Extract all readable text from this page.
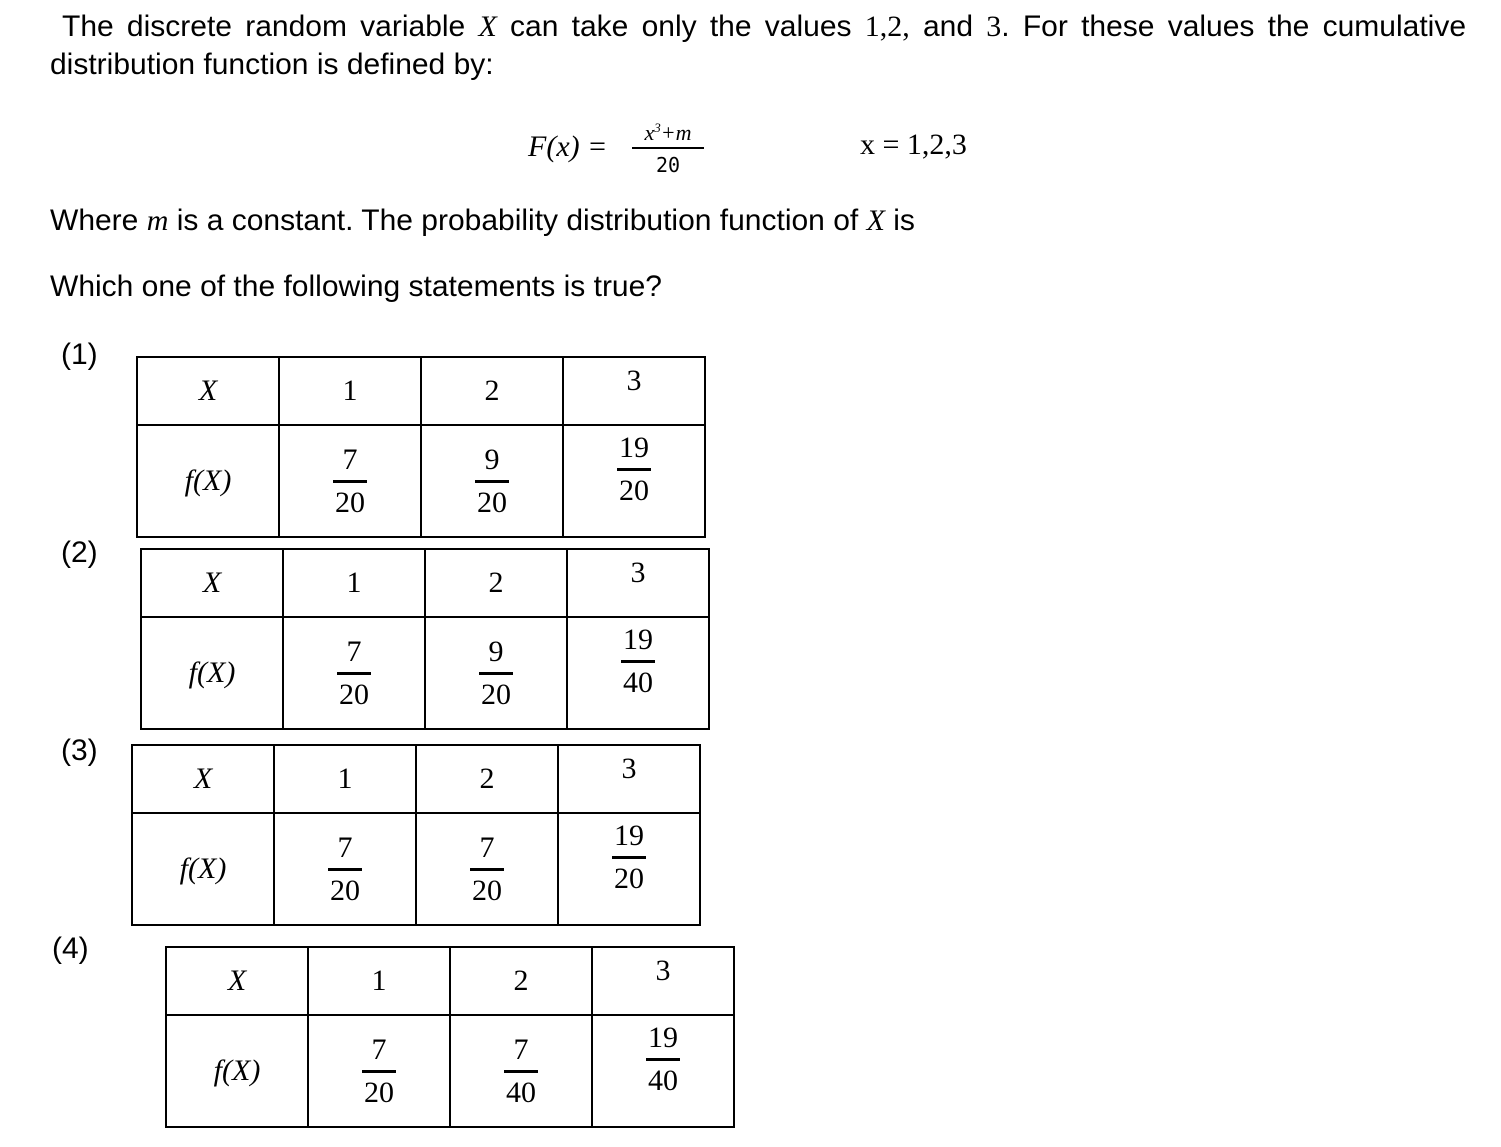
The discrete random variable X can take only the values 1,2, and 3. For these values the cumulative distribution function is defined by:
F(x) =	$x^3+m$
20
x = 1,2,3
Where m is a constant. The probability distribution function of X is
Which one of the following statements is true?
(1)
X	1	2	3
f(X)	$\frac{7}{20}$	$\frac{9}{20}$	$\frac{19}{20}$
(2)
X	1	2	3
f(X)	$\frac{7}{20}$	$\frac{9}{20}$	$\frac{19}{40}$
(3)
X	1	2	3
f(X)	$\frac{7}{20}$	$\frac{7}{20}$	$\frac{19}{20}$
(4)
X	1	2	3
f(X)	$\frac{7}{20}$	$\frac{7}{40}$	$\frac{19}{40}$
